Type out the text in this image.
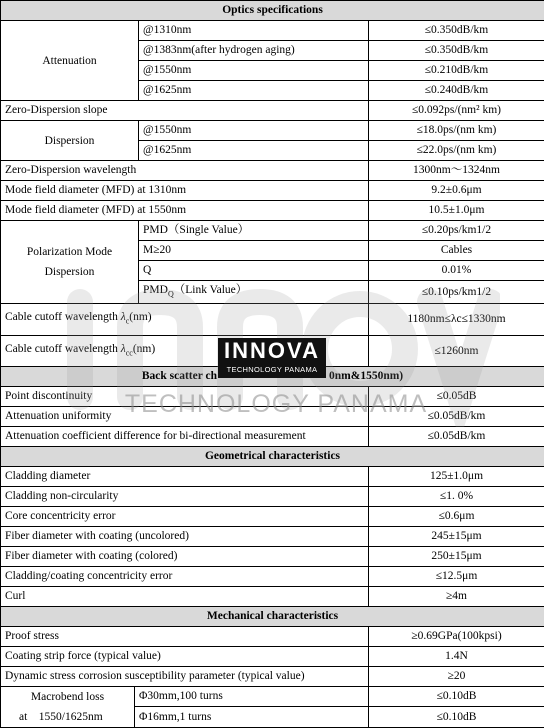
Optics specifications			
Attenuation		@1310nm	≤0.350dB/km
		@1383nm(after hydrogen aging)	≤0.350dB/km
		@1550nm	≤0.210dB/km
		@1625nm	≤0.240dB/km
Zero-Dispersion slope			≤0.092ps/(nm² km)
Dispersion		@1550nm	≤18.0ps/(nm km)
		@1625nm	≤22.0ps/(nm km)
Zero-Dispersion wavelength			1300nm～1324nm
Mode field diameter (MFD) at 1310nm			9.2±0.6μm
Mode field diameter (MFD) at 1550nm			10.5±1.0μm

Polarization Mode
Dispersion		PMD（Single Value）	≤0.20ps/km1/2
		M≥20	Cables
		Q	0.01%
		$PMD_Q(Link$ Value）	≤0.10ps/km1/2
Cable cutoff wavelength $\lambda_c(nm)$			1180nm≤λc≤1330nm
Cable cutoff wavelength $\lambda_{cc}(nm)$			≤1260nm
Back scatter ch 0nm&1550nm)			
Point discontinuity			≤0.05dB
Attenuation uniformity			≤0.05dB/km
Attenuation coefficient difference for bi-directional measurement			≤0.05dB/km
Geometrical characteristics			
Cladding diameter			125±1.0μm
Cladding non-circularity			≤1. 0%
Core concentricity error			≤0.6μm
Fiber diameter with coating (uncolored)			245±15μm
Fiber diameter with coating (colored)			250±15μm
Cladding/coating concentricity error			≤12.5μm
Curl			≥4m
Mechanical characteristics			
Proof stress			≥0.69GPa(100kpsi)
Coating strip force (typical value)			1.4N
Dynamic stress corrosion susceptibility parameter (typical value)			≥20

Macrobend loss
at    1550/1625nm	Φ30mm,100 turns		≤0.10dB
	Φ16mm,1 turns		≤0.10dB
TECHNOLOGY PANAMA
INNOVA
TECHNOLOGY PANAMA
